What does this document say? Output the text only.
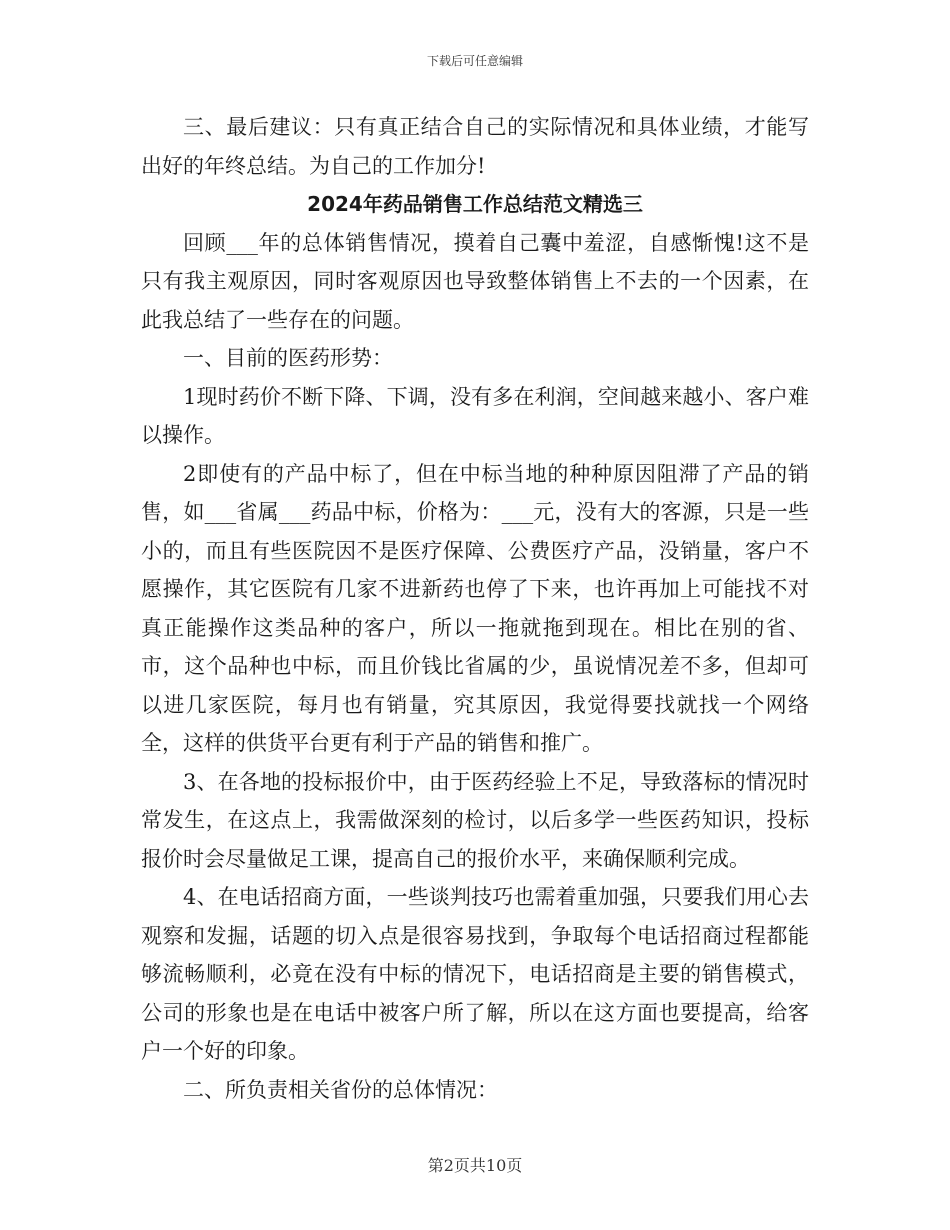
下载后可任意编辑

三、最后建议：只有真正结合自己的实际情况和具体业绩，才能写出好的年终总结。为自己的工作加分!

2024年药品销售工作总结范文精选三

回顾___年的总体销售情况，摸着自己囊中羞涩，自感惭愧!这不是只有我主观原因，同时客观原因也导致整体销售上不去的一个因素，在此我总结了一些存在的问题。

一、目前的医药形势：

1现时药价不断下降、下调，没有多在利润，空间越来越小、客户难以操作。

2即使有的产品中标了，但在中标当地的种种原因阻滞了产品的销售，如___省属___药品中标，价格为：___元，没有大的客源，只是一些小的，而且有些医院因不是医疗保障、公费医疗产品，没销量，客户不愿操作，其它医院有几家不进新药也停了下来，也许再加上可能找不对真正能操作这类品种的客户，所以一拖就拖到现在。相比在别的省、市，这个品种也中标，而且价钱比省属的少，虽说情况差不多，但却可以进几家医院，每月也有销量，究其原因，我觉得要找就找一个网络全，这样的供货平台更有利于产品的销售和推广。

3、在各地的投标报价中，由于医药经验上不足，导致落标的情况时常发生，在这点上，我需做深刻的检讨，以后多学一些医药知识，投标报价时会尽量做足工课，提高自己的报价水平，来确保顺利完成。

4、在电话招商方面，一些谈判技巧也需着重加强，只要我们用心去观察和发掘，话题的切入点是很容易找到，争取每个电话招商过程都能够流畅顺利，必竟在没有中标的情况下，电话招商是主要的销售模式，公司的形象也是在电话中被客户所了解，所以在这方面也要提高，给客户一个好的印象。

二、所负责相关省份的总体情况：

第2页共10页
